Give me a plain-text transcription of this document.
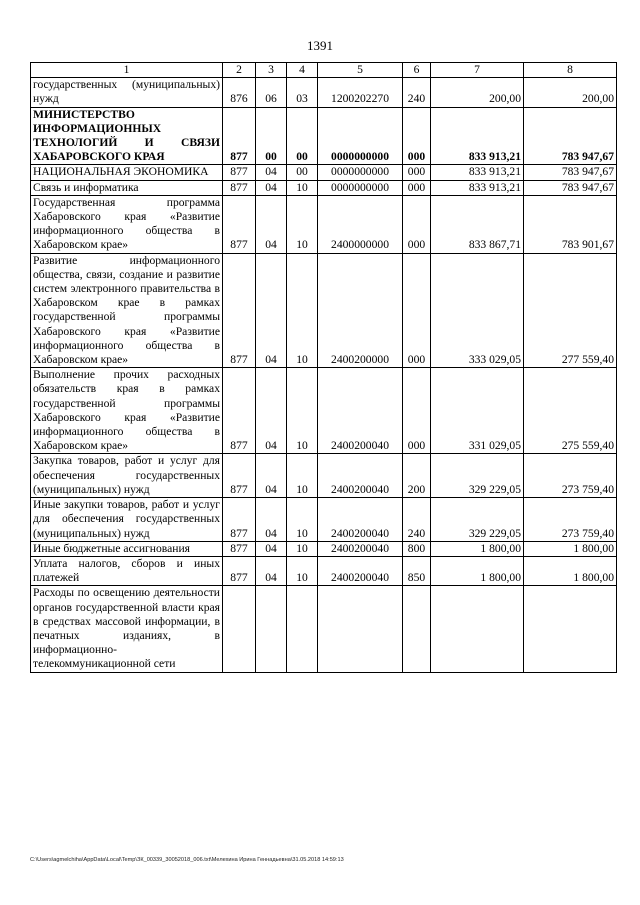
1391
1	2	3	4	5	6	7	8

государственных (муниципальных) нужд	876	06	03	1200202270	240	200,00	200,00

МИНИСТЕРСТВО ИНФОРМАЦИОННЫХ ТЕХНОЛОГИЙ И СВЯЗИ ХАБАРОВСКОГО КРАЯ	877	00	00	0000000000	000	833 913,21	783 947,67

НАЦИОНАЛЬНАЯ ЭКОНОМИКА	877	04	00	0000000000	000	833 913,21	783 947,67

Связь и информатика	877	04	10	0000000000	000	833 913,21	783 947,67

Государственная программа Хабаровского края «Развитие информационного общества в Хабаровском крае»	877	04	10	2400000000	000	833 867,71	783 901,67

Развитие информационного общества, связи, создание и развитие систем электронного правительства в Хабаровском крае в рамках государственной программы Хабаровского края «Развитие информационного общества в Хабаровском крае»	877	04	10	2400200000	000	333 029,05	277 559,40

Выполнение прочих расходных обязательств края в рамках государственной программы Хабаровского края «Развитие информационного общества в Хабаровском крае»	877	04	10	2400200040	000	331 029,05	275 559,40

Закупка товаров, работ и услуг для обеспечения государственных (муниципальных) нужд	877	04	10	2400200040	200	329 229,05	273 759,40

Иные закупки товаров, работ и услуг для обеспечения государственных (муниципальных) нужд	877	04	10	2400200040	240	329 229,05	273 759,40

Иные бюджетные ассигнования	877	04	10	2400200040	800	1 800,00	1 800,00

Уплата налогов, сборов и иных платежей	877	04	10	2400200040	850	1 800,00	1 800,00

Расходы по освещению деятельности органов государственной власти края в средствах массовой информации, в печатных изданиях, в информационно-телекоммуникационной сети							

C:\Users\agmelchiha\AppData\Local\Temp\ЗК_00339_30052018_006.txt\Мелехина Ирина Геннадьевна\31.05.2018 14:59:13
